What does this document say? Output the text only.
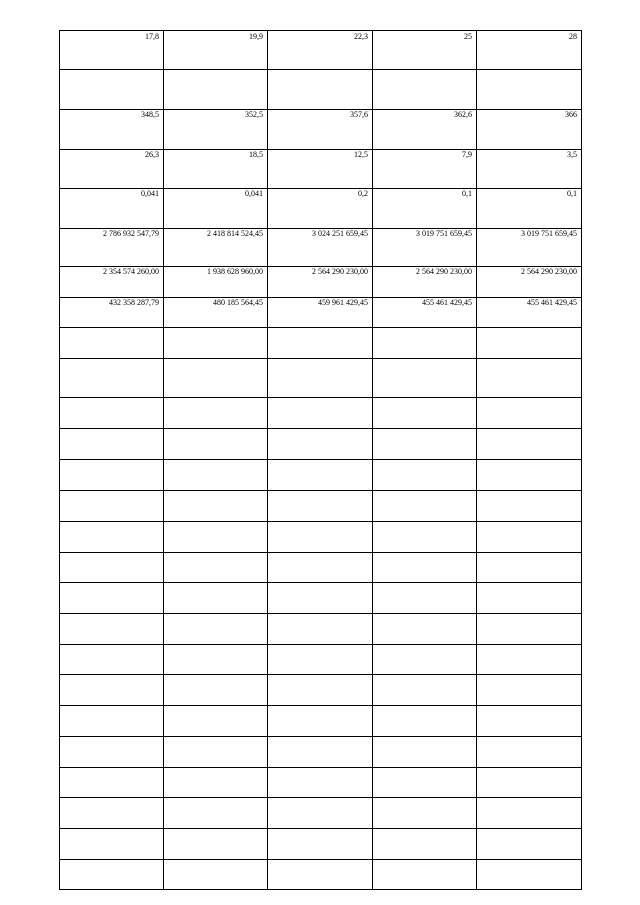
17,8	19,9	22,3	25	28

348,5	352,5	357,6	362,6	366
26,3	18,5	12,5	7,9	3,5
0,041	0,041	0,2	0,1	0,1
2 786 932 547,79	2 418 814 524,45	3 024 251 659,45	3 019 751 659,45	3 019 751 659,45
2 354 574 260,00	1 938 628 960,00	2 564 290 230,00	2 564 290 230,00	2 564 290 230,00
432 358 287,79	480 185 564,45	459 961 429,45	455 461 429,45	455 461 429,45
